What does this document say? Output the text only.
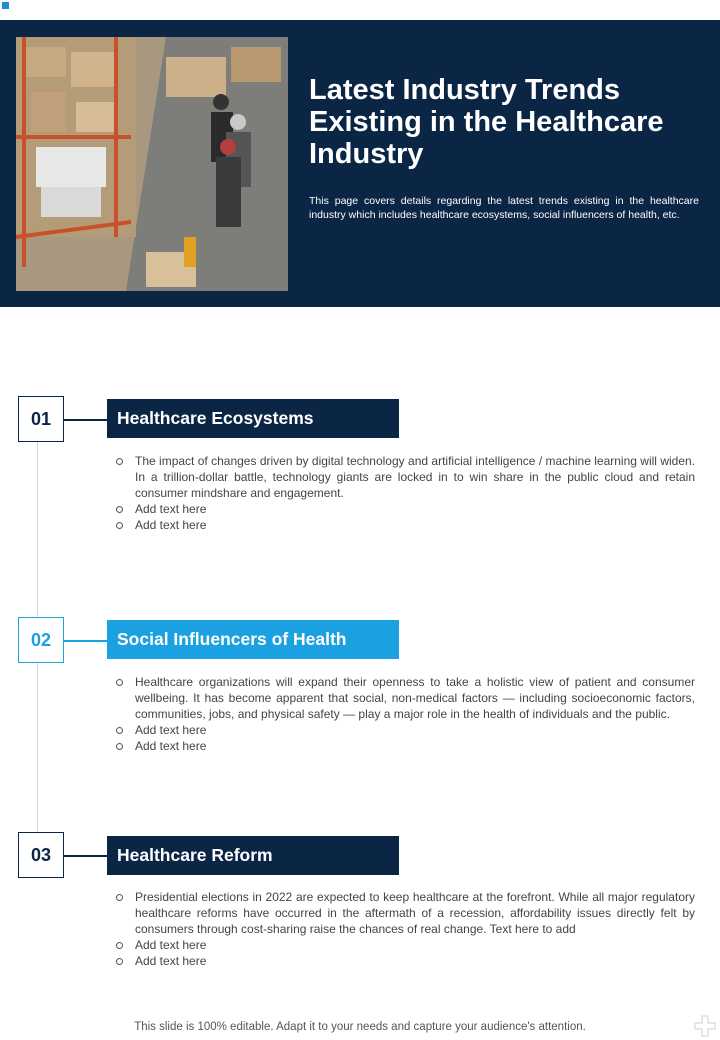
Latest Industry Trends Existing in the Healthcare Industry

This page covers details regarding the latest trends existing in the healthcare industry which includes healthcare ecosystems, social influencers of health, etc.

01	Healthcare Ecosystems
The impact of changes driven by digital technology and artificial intelligence / machine learning will widen. In a trillion-dollar battle, technology giants are locked in to win share in the public cloud and retain consumer mindshare and engagement.
Add text here
Add text here
02	Social Influencers of Health
Healthcare organizations will expand their openness to take a holistic view of patient and consumer wellbeing. It has become apparent that social, non-medical factors — including socioeconomic factors, communities, jobs, and physical safety — play a major role in the health of individuals and the public.
Add text here
Add text here
03	Healthcare Reform
Presidential elections in 2022 are expected to keep healthcare at the forefront. While all major regulatory healthcare reforms have occurred in the aftermath of a recession, affordability issues directly felt by consumers through cost-sharing raise the chances of real change. Text here to add
Add text here
Add text here
This slide is 100% editable. Adapt it to your needs and capture your audience's attention.
